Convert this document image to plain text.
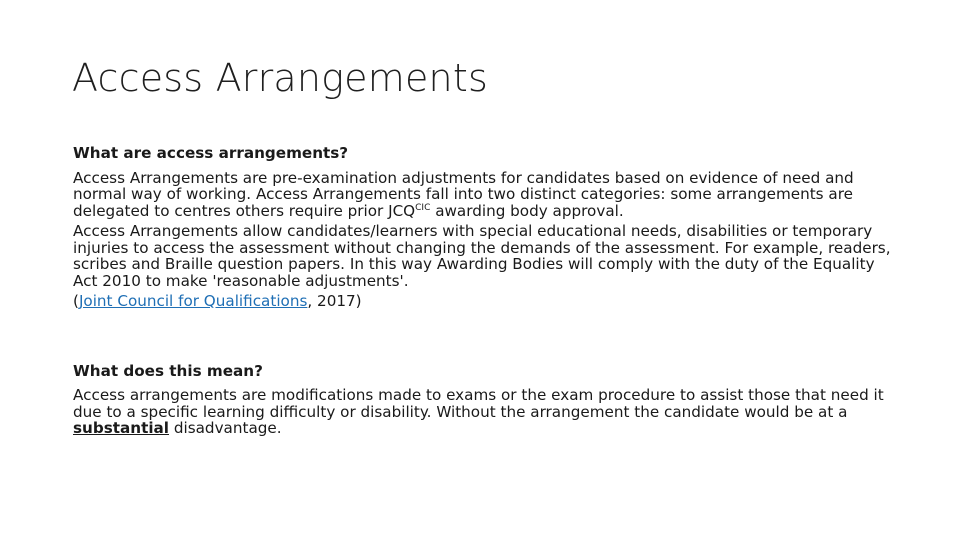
Access Arrangements

What are access arrangements?

Access Arrangements are pre-examination adjustments for candidates based on evidence of need and normal way of working. Access Arrangements fall into two distinct categories: some arrangements are delegated to centres others require prior $JCQ^{CIC}$ awarding body approval.

Access Arrangements allow candidates/learners with special educational needs, disabilities or temporary injuries to access the assessment without changing the demands of the assessment. For example, readers, scribes and Braille question papers. In this way Awarding Bodies will comply with the duty of the Equality Act 2010 to make 'reasonable adjustments'.

(Joint Council for Qualifications, 2017)

What does this mean?

Access arrangements are modifications made to exams or the exam procedure to assist those that need it due to a specific learning difficulty or disability. Without the arrangement the candidate would be at a substantial disadvantage.
